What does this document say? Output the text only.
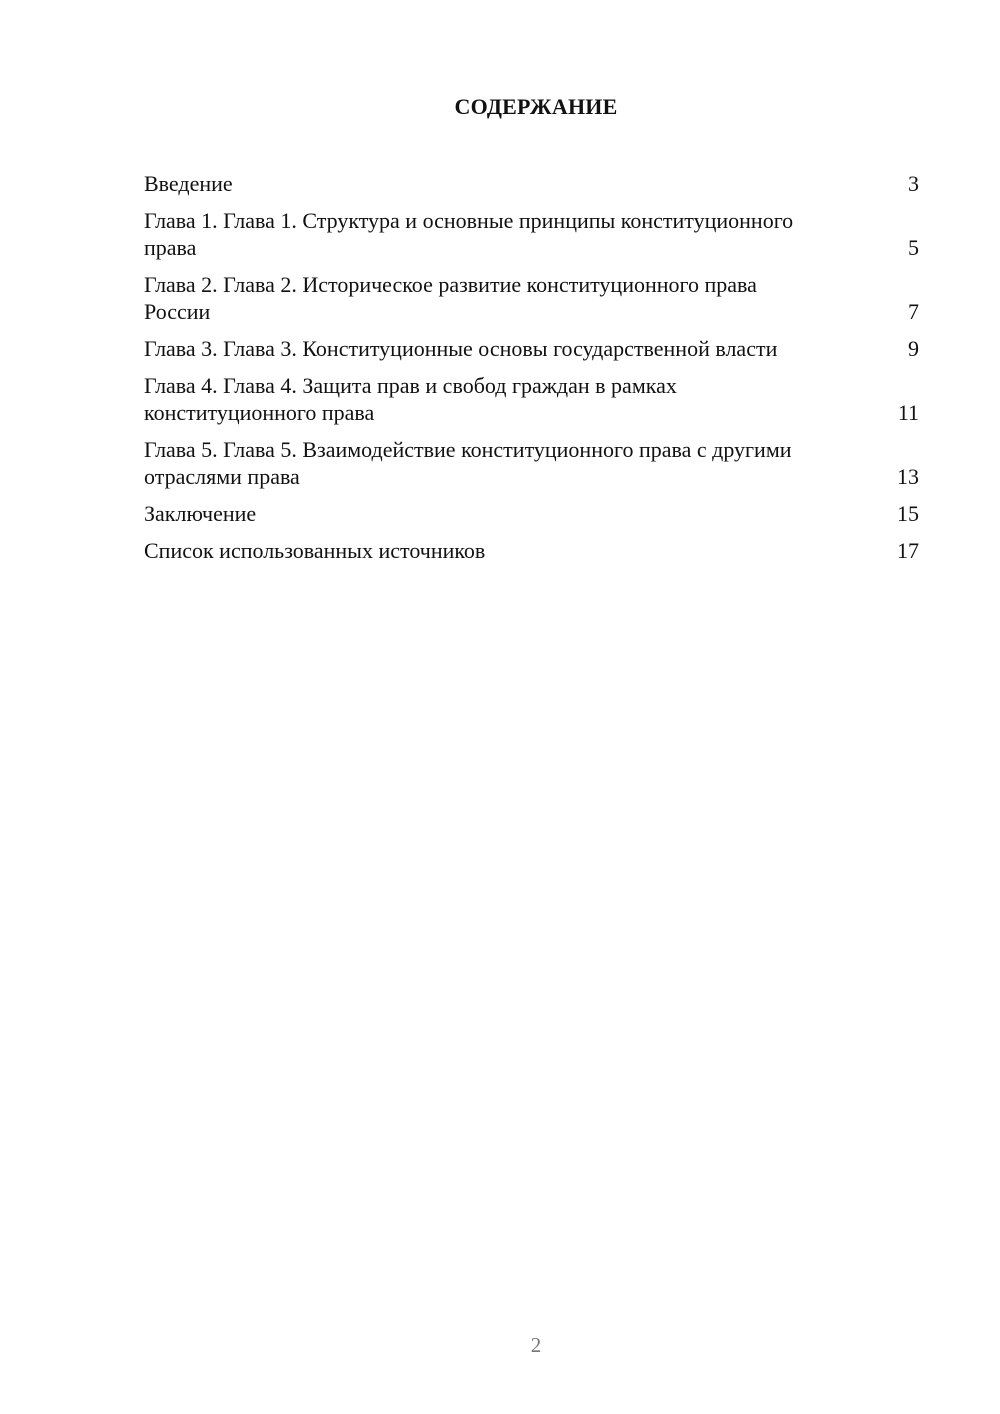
СОДЕРЖАНИЕ
Введение	3
Глава 1. Глава 1. Структура и основные принципы конституционного права	5
Глава 2. Глава 2. Историческое развитие конституционного права России	7
Глава 3. Глава 3. Конституционные основы государственной власти	9
Глава 4. Глава 4. Защита прав и свобод граждан в рамках конституционного права	11
Глава 5. Глава 5. Взаимодействие конституционного права с другими отраслями права	13
Заключение	15
Список использованных источников	17
2
